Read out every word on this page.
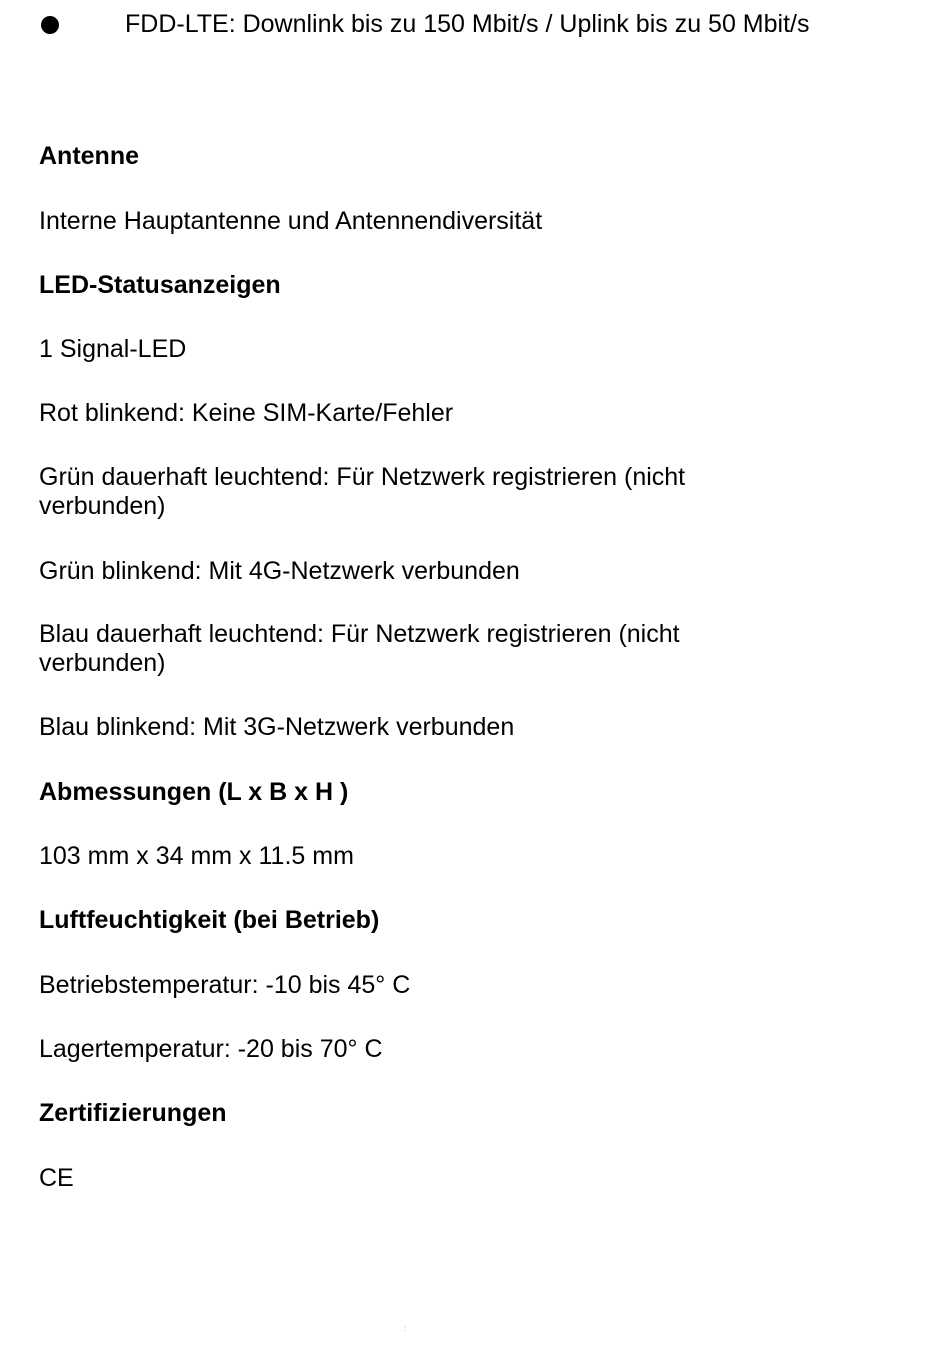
FDD-LTE: Downlink bis zu 150 Mbit/s / Uplink bis zu 50 Mbit/s
Antenne
Interne Hauptantenne und Antennendiversität
LED-Statusanzeigen
1 Signal-LED
Rot blinkend: Keine SIM-Karte/Fehler
Grün dauerhaft leuchtend: Für Netzwerk registrieren (nicht verbunden)
Grün blinkend: Mit 4G-Netzwerk verbunden
Blau dauerhaft leuchtend: Für Netzwerk registrieren (nicht verbunden)
Blau blinkend: Mit 3G-Netzwerk verbunden
Abmessungen (L x B x H )
103 mm x 34 mm x 11.5 mm
Luftfeuchtigkeit (bei Betrieb)
Betriebstemperatur: -10 bis 45° C
Lagertemperatur: -20 bis 70° C
Zertifizierungen
CE
:
